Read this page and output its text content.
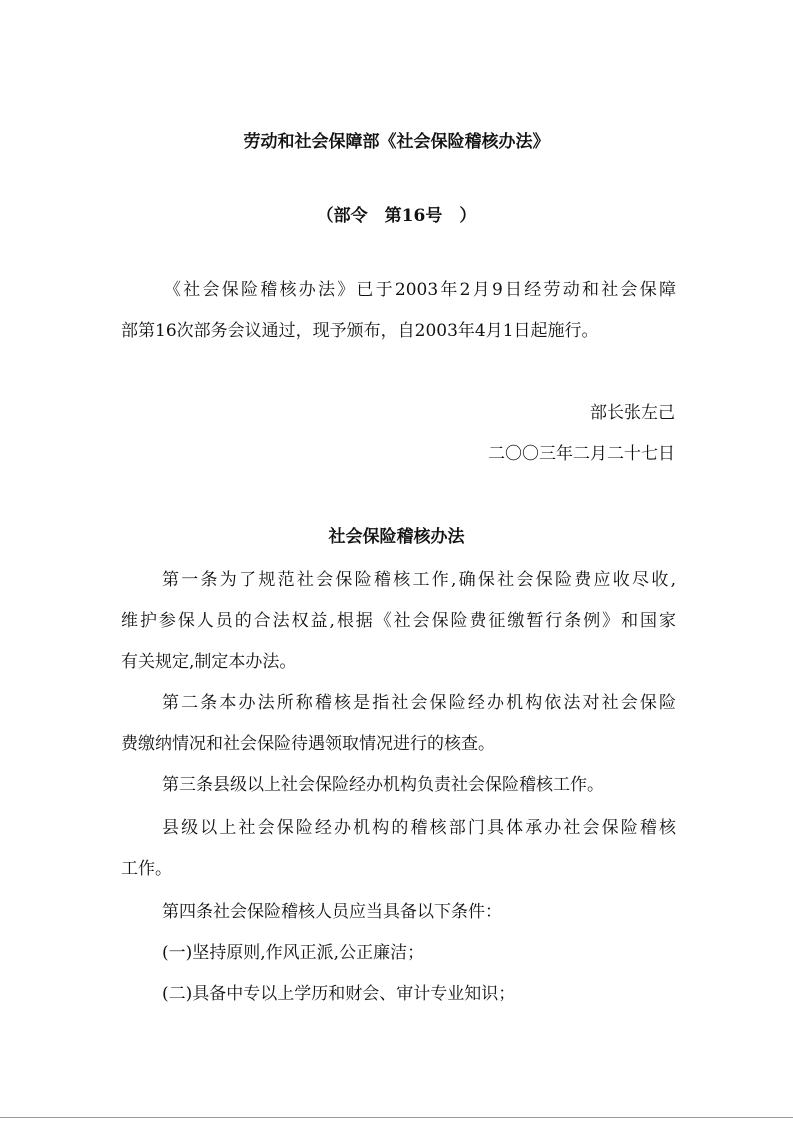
劳动和社会保障部《社会保险稽核办法》
（部令　第16号　）
《社会保险稽核办法》已于2003年2月9日经劳动和社会保障
部第16次部务会议通过，现予颁布，自2003年4月1日起施行。
部长张左己
二〇〇三年二月二十七日
社会保险稽核办法
第一条为了规范社会保险稽核工作,确保社会保险费应收尽收,
维护参保人员的合法权益,根据《社会保险费征缴暂行条例》和国家
有关规定,制定本办法。
第二条本办法所称稽核是指社会保险经办机构依法对社会保险
费缴纳情况和社会保险待遇领取情况进行的核查。
第三条县级以上社会保险经办机构负责社会保险稽核工作。
县级以上社会保险经办机构的稽核部门具体承办社会保险稽核
工作。
第四条社会保险稽核人员应当具备以下条件：
(一)坚持原则,作风正派,公正廉洁；
(二)具备中专以上学历和财会、审计专业知识；
